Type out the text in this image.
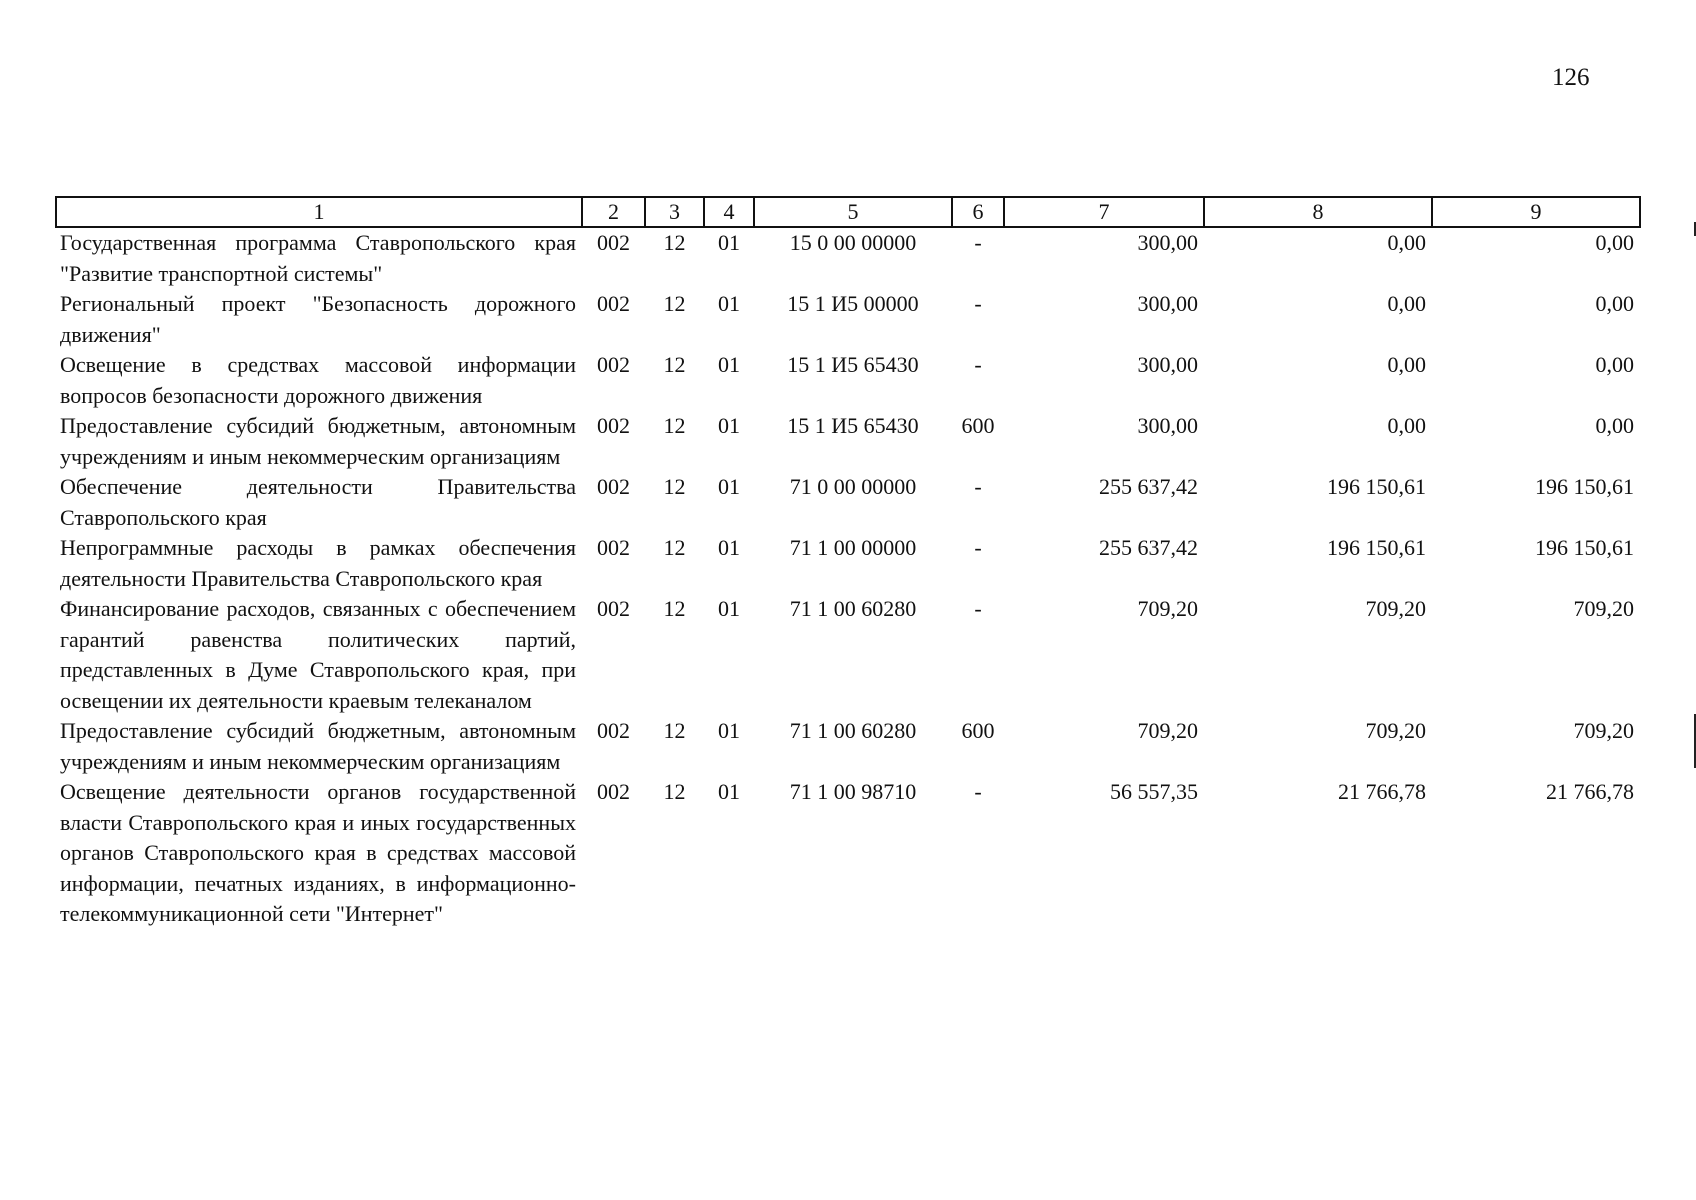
126
1	2	3	4	5	6	7	8	9
Государственная программа Ставропольского края "Развитие транспортной системы"	002	12	01	15 0 00 00000	-	300,00	0,00	0,00
Региональный проект "Безопасность дорожного движения"	002	12	01	15 1 И5 00000	-	300,00	0,00	0,00
Освещение в средствах массовой информации вопросов безопасности дорожного движения	002	12	01	15 1 И5 65430	-	300,00	0,00	0,00
Предоставление субсидий бюджетным, автономным учреждениям и иным некоммерческим организациям	002	12	01	15 1 И5 65430	600	300,00	0,00	0,00
Обеспечение деятельности Правительства Ставропольского края	002	12	01	71 0 00 00000	-	255 637,42	196 150,61	196 150,61
Непрограммные расходы в рамках обеспечения деятельности Правительства Ставропольского края	002	12	01	71 1 00 00000	-	255 637,42	196 150,61	196 150,61
Финансирование расходов, связанных с обеспечением гарантий равенства политических партий, представленных в Думе Ставропольского края, при освещении их деятельности краевым телеканалом	002	12	01	71 1 00 60280	-	709,20	709,20	709,20
Предоставление субсидий бюджетным, автономным учреждениям и иным некоммерческим организациям	002	12	01	71 1 00 60280	600	709,20	709,20	709,20
Освещение деятельности органов государственной власти Ставропольского края и иных государственных органов Ставропольского края в средствах массовой информации, печатных изданиях, в информационно-телекоммуникационной сети "Интернет"	002	12	01	71 1 00 98710	-	56 557,35	21 766,78	21 766,78
